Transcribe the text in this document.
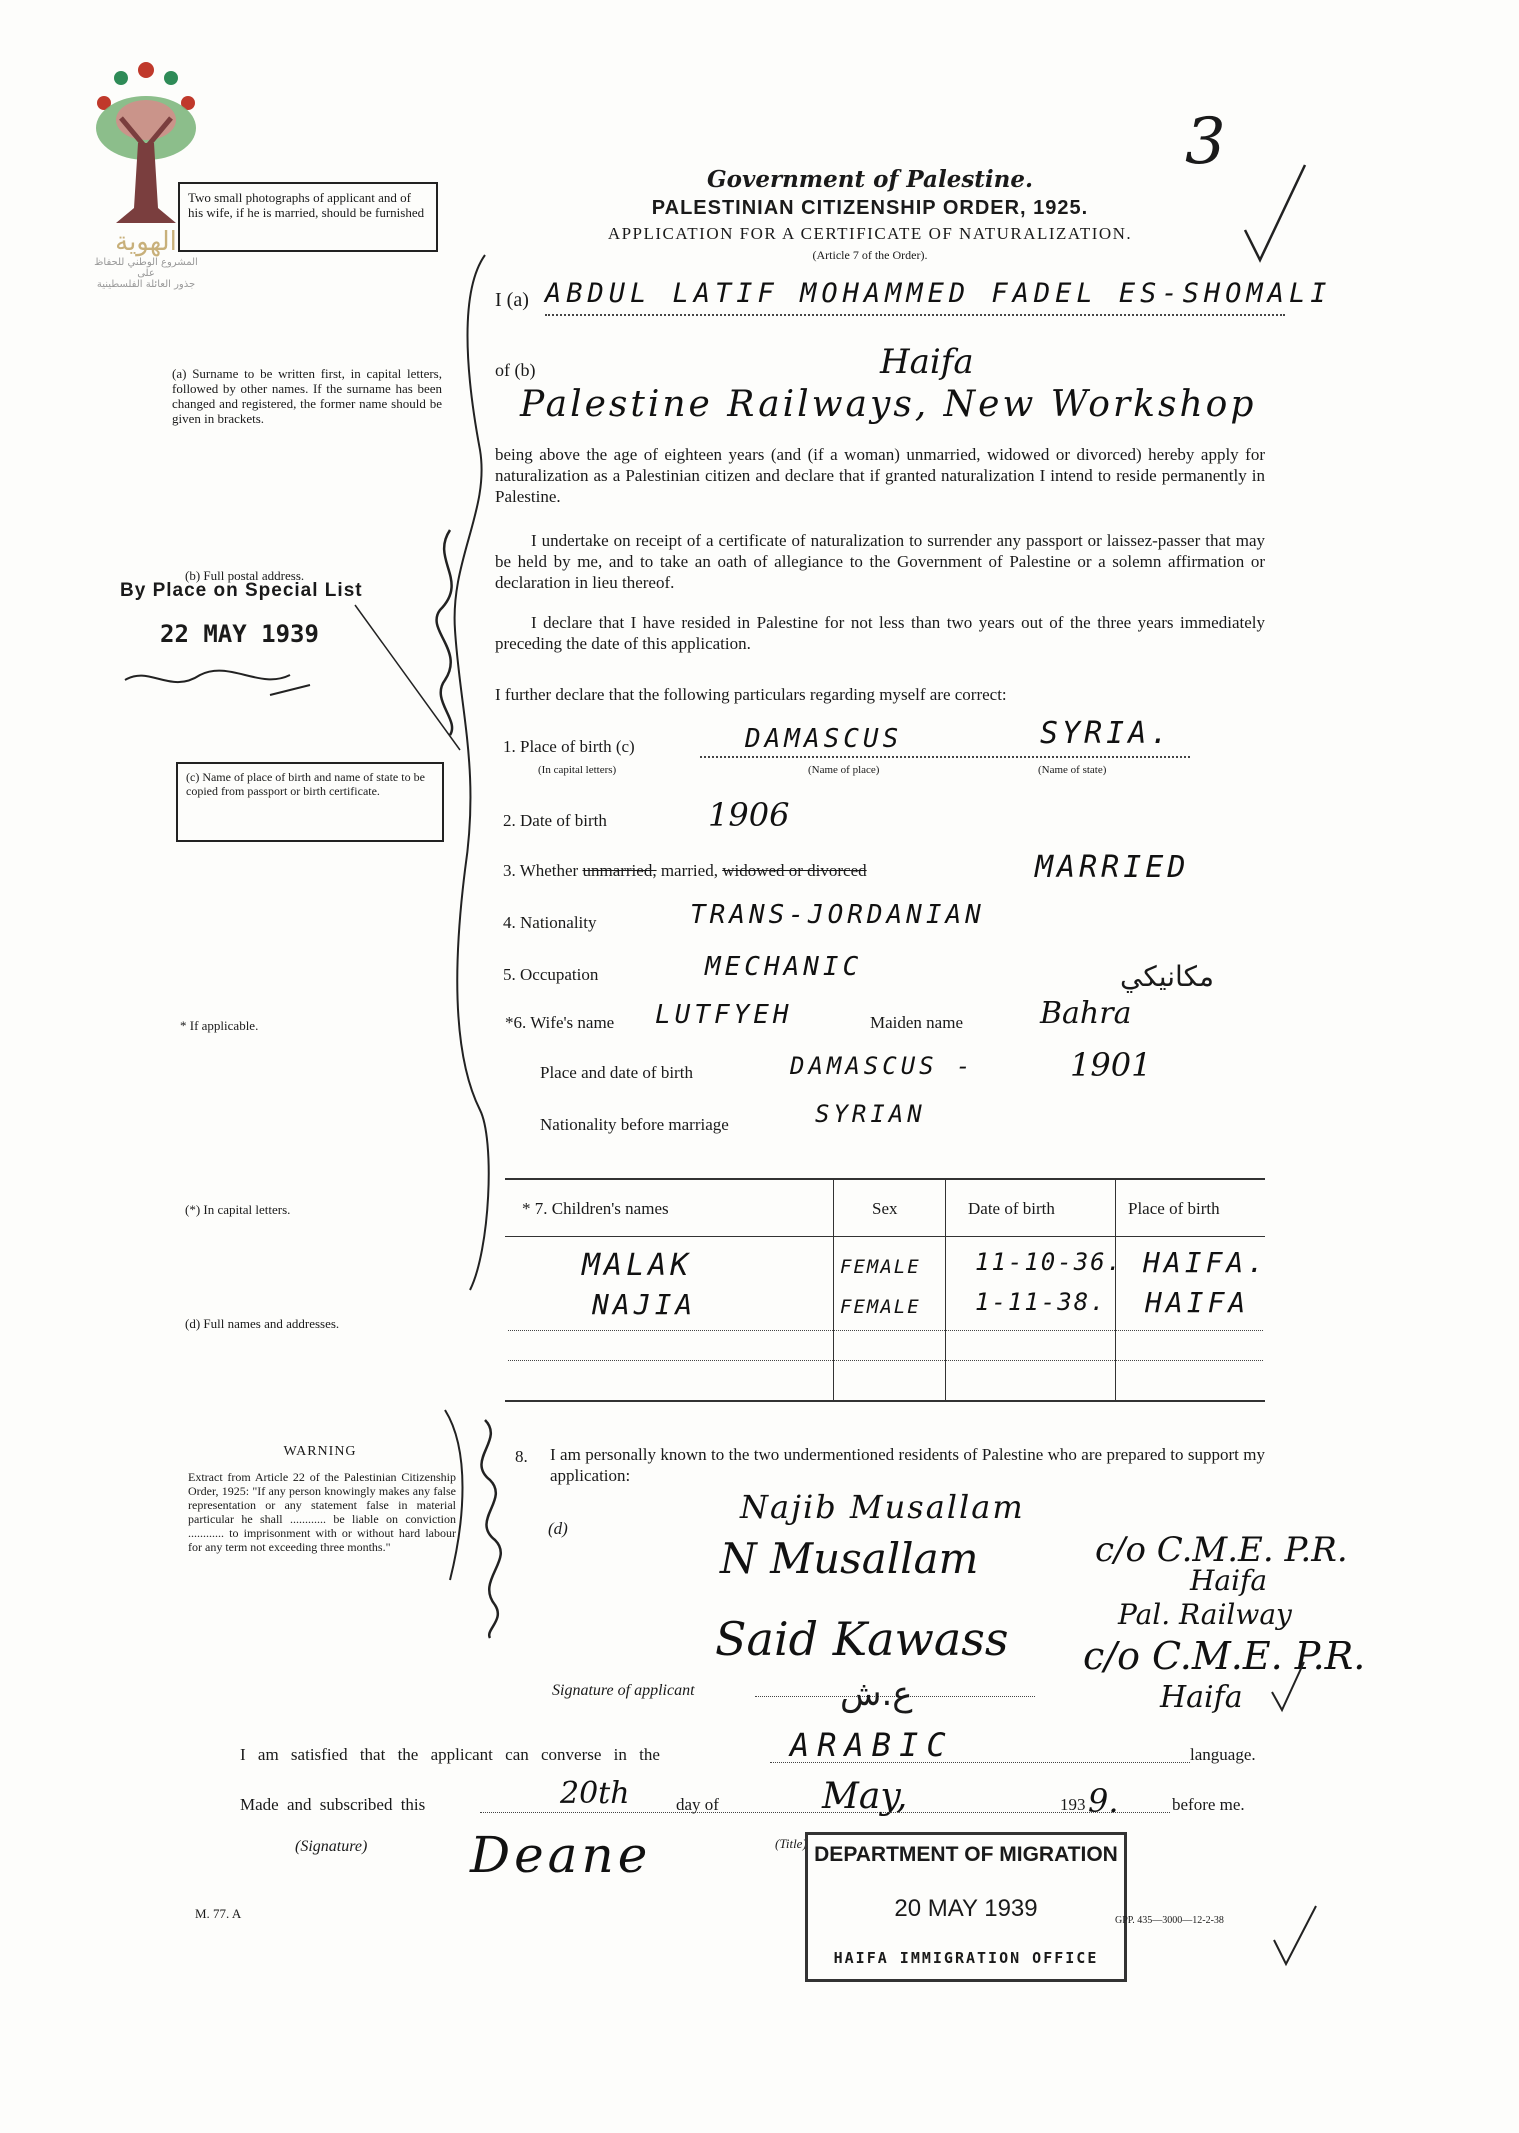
الهوية
المشروع الوطني للحفاظ على
جذور العائلة الفلسطينية
Two small photographs of applicant and of his wife, if he is married, should be furnished
Government of Palestine.
PALESTINIAN CITIZENSHIP ORDER, 1925.
APPLICATION FOR A CERTIFICATE OF NATURALIZATION.
(Article 7 of the Order).
3
I (a) ABDUL LATIF MOHAMMED FADEL ES-SHOMALI
of (b)	Haifa
Palestine Railways, New Workshop
(a) Surname to be written first, in capital letters, followed by other names. If the surname has been changed and registered, the former name should be given in brackets.
being above the age of eighteen years (and (if a woman) unmarried, widowed or divorced) hereby apply for naturalization as a Palestinian citizen and declare that if granted naturalization I intend to reside permanently in Palestine.
I undertake on receipt of a certificate of naturalization to surrender any passport or laissez-passer that may be held by me, and to take an oath of allegiance to the Government of Palestine or a solemn affirmation or declaration in lieu thereof.
I declare that I have resided in Palestine for not less than two years out of the three years immediately preceding the date of this application.
I further declare that the following particulars regarding myself are correct:
(b) Full postal address.
By Place on Special List
22 MAY 1939
(c) Name of place of birth and name of state to be copied from passport or birth certificate.
1. Place of birth (c)	DAMASCUS	SYRIA.
(In capital letters)	(Name of place)	(Name of state)
2. Date of birth	1906
3. Whether unmarried, married, widowed or divorced	MARRIED
4. Nationality	TRANS-JORDANIAN
5. Occupation	MECHANIC	مكانيكي
* If applicable.	*6. Wife's name LUTFYEH	Maiden name	Bahra
Place and date of birth	DAMASCUS -	1901
Nationality before marriage	SYRIAN
(*) In capital letters.	* 7. Children's names	Sex	Date of birth	Place of birth
MALAK	FEMALE 11-10-36. HAIFA.
NAJIA	FEMALE 1-11-38. HAIFA
(d) Full names and addresses.
WARNING
Extract from Article 22 of the Palestinian Citizenship Order, 1925: "If any person knowingly makes any false representation or any statement false in material particular he shall ............ be liable on conviction ............ to imprisonment with or without hard labour for any term not exceeding three months."
8. I am personally known to the two undermentioned residents of Palestine who are prepared to support my application:
(d)
Najib Musallam
N Musallam	c/o C.M.E. P.R.
Haifa
Said Kawass	Pal. Railway
c/o C.M.E. P.R.
Haifa
Signature of applicant	ع.ش
I am satisfied that the applicant can converse in the	ARABIC	language.
Made and subscribed this	20th	day of	May,	193 9.	before me.
(Signature) Deane	(Title) DEPARTMENT OF MIGRATION
20 MAY 1939
HAIFA IMMIGRATION OFFICE
GPP. 435—3000—12-2-38
M. 77. A
